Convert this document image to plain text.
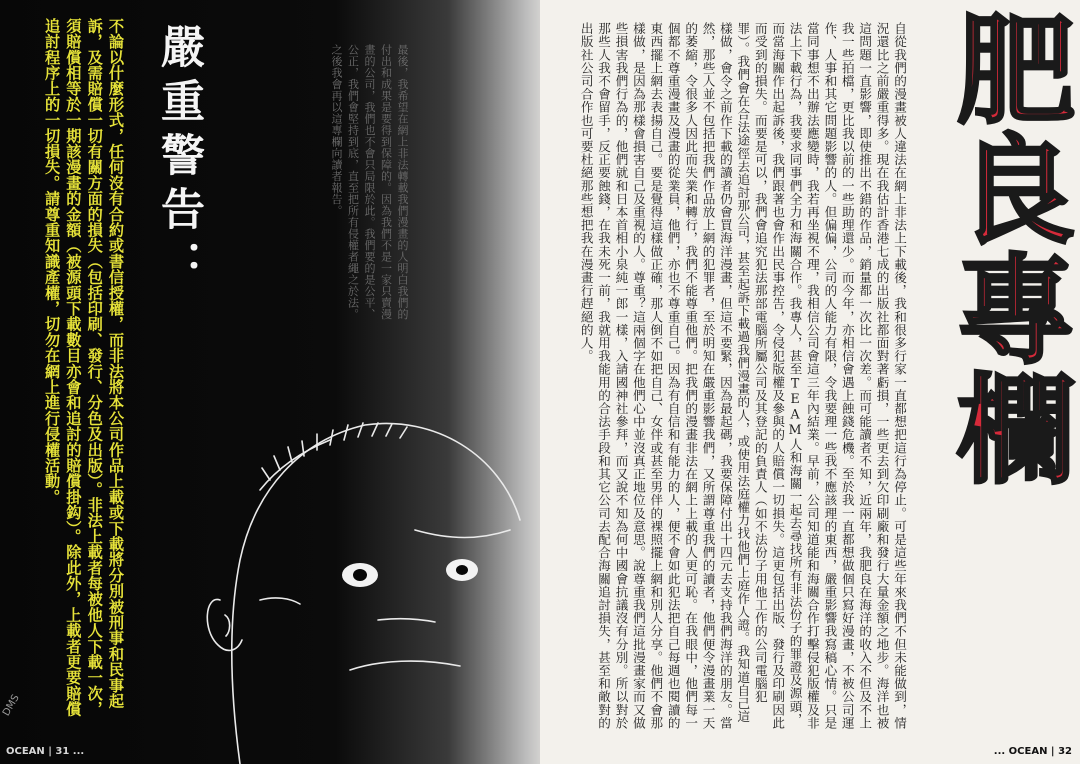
最後，我希望在網上非法轉載我們漫畫的人明白我們的付出和成果是要得到保障的。因為我們不是一家只賣漫畫的公司，我們也不會只局限於此。我們要的是公平、公正，我們會堅持到底，直至把所有侵權者繩之於法。之後我會再以這專欄向讀者報告。
不論以什麼形式，任何沒有合約或書信授權，而非法將本公司作品上載或下載將分別被刑事和民事起訴，及需賠償一切有關方面的損失（包括印刷、發行、分色及出版）。非法上載者每被他人下載一次，須賠償相等於一期該漫畫的金額（被源頭下載數目亦會和追討的賠償掛鈎）。除此外，上載者更要賠償追討程序上的一切損失。請尊重知識產權，切勿在網上進行侵權活動。	嚴重警告：	自從我們的漫畫被人違法在網上非法上下載後，我和很多行家一直都想把這行為停止。可是這些年來我們不但未能做到，情況還比之前嚴重得多。現在我估計香港七成的出版社都面對著虧損，一些更去到欠印刷廠和發行大量金額之地步。海洋也被這問題一直影響，即使推出不錯的作品，銷量都一次比一次差。而可能讀者不知，近兩年，我肥良在海洋的收入不但及不上我一些拍檔，更比我以前的一些助理還少。而今年，亦相信會遇上蝕錢危機。至於我一直都想做個只寫好漫畫，不被公司運作、人事和其它問題影響的人。但偏偏，公司的人能力有限，令我要理一些我不應該理的東西，嚴重影響我寫稿心情。只是當同事想不出辦法應變時，我若再坐視不理，我相信公司會這三年內結業。早前，公司知道能和海關合作打擊侵犯版權及非法上下載行為，我要求同事們全力和海關合作。我專人，甚至TEAM人和海關一起去尋找所有非法份子的罪證及源頭，而當海關作出起訴後，我們跟著也會作出民事控告，令侵犯版權及參與的人賠償一切損失。這更包括出版、發行及印刷因此而受到的損失。而要是可以，我們會追究犯法那部電腦所屬公司及其登記的負責人（如不法份子用他工作的公司電腦犯罪）。我們會在合法途徑去追討那公司，甚至起訴下載過我們漫畫的人，或使用法庭權力找他們上庭作人證。我知道自己這樣做，會令之前作下載的讀者仍會買海洋漫畫，但這不要緊，因為最起碼，我要保障付出十四元去支持我們海洋的朋友。當然，那些人並不包括把我們作品放上網的犯罪者，至於明知在嚴重影響我們，又所謂尊重我們的讀者，他們便令漫畫業一天的萎縮，令很多人因此而失業和轉行，我們不能尊重他們。把我們的漫畫非法在網上上載的人更可恥。在我眼中，他們每一個都不尊重漫畫及漫畫的從業員，他們，亦也不尊重自己。因為有自信和有能力的人，便不會如此犯法把自己每週也閱讀的東西擺上網去表揚自己。要是覺得這樣做正確，那人倒不如把自己、女伴或甚至男伴的裸照擺上網和別人分享。他們不會那樣做，是因為那樣會損害自己及重視的人。尊重？這兩個字在他們心中並沒真正地位及意思。說尊重我們這批漫畫家而又做些損害我們行為的，他們就和日本首相小泉純一郎一樣，入請國神社參拜，而又說不知為何中國會抗議沒有分別。所以對於那些人我不會留手，反正要蝕錢，在我未死一前，我就用我能用的合法手段和其它公司去配合海關追討損失，甚至和敵對的出版社公司合作也可要杜絕那些想把我在漫畫行趕絕的人。	肥良專欄
DMS
OCEAN | 31 ...	... OCEAN | 32
